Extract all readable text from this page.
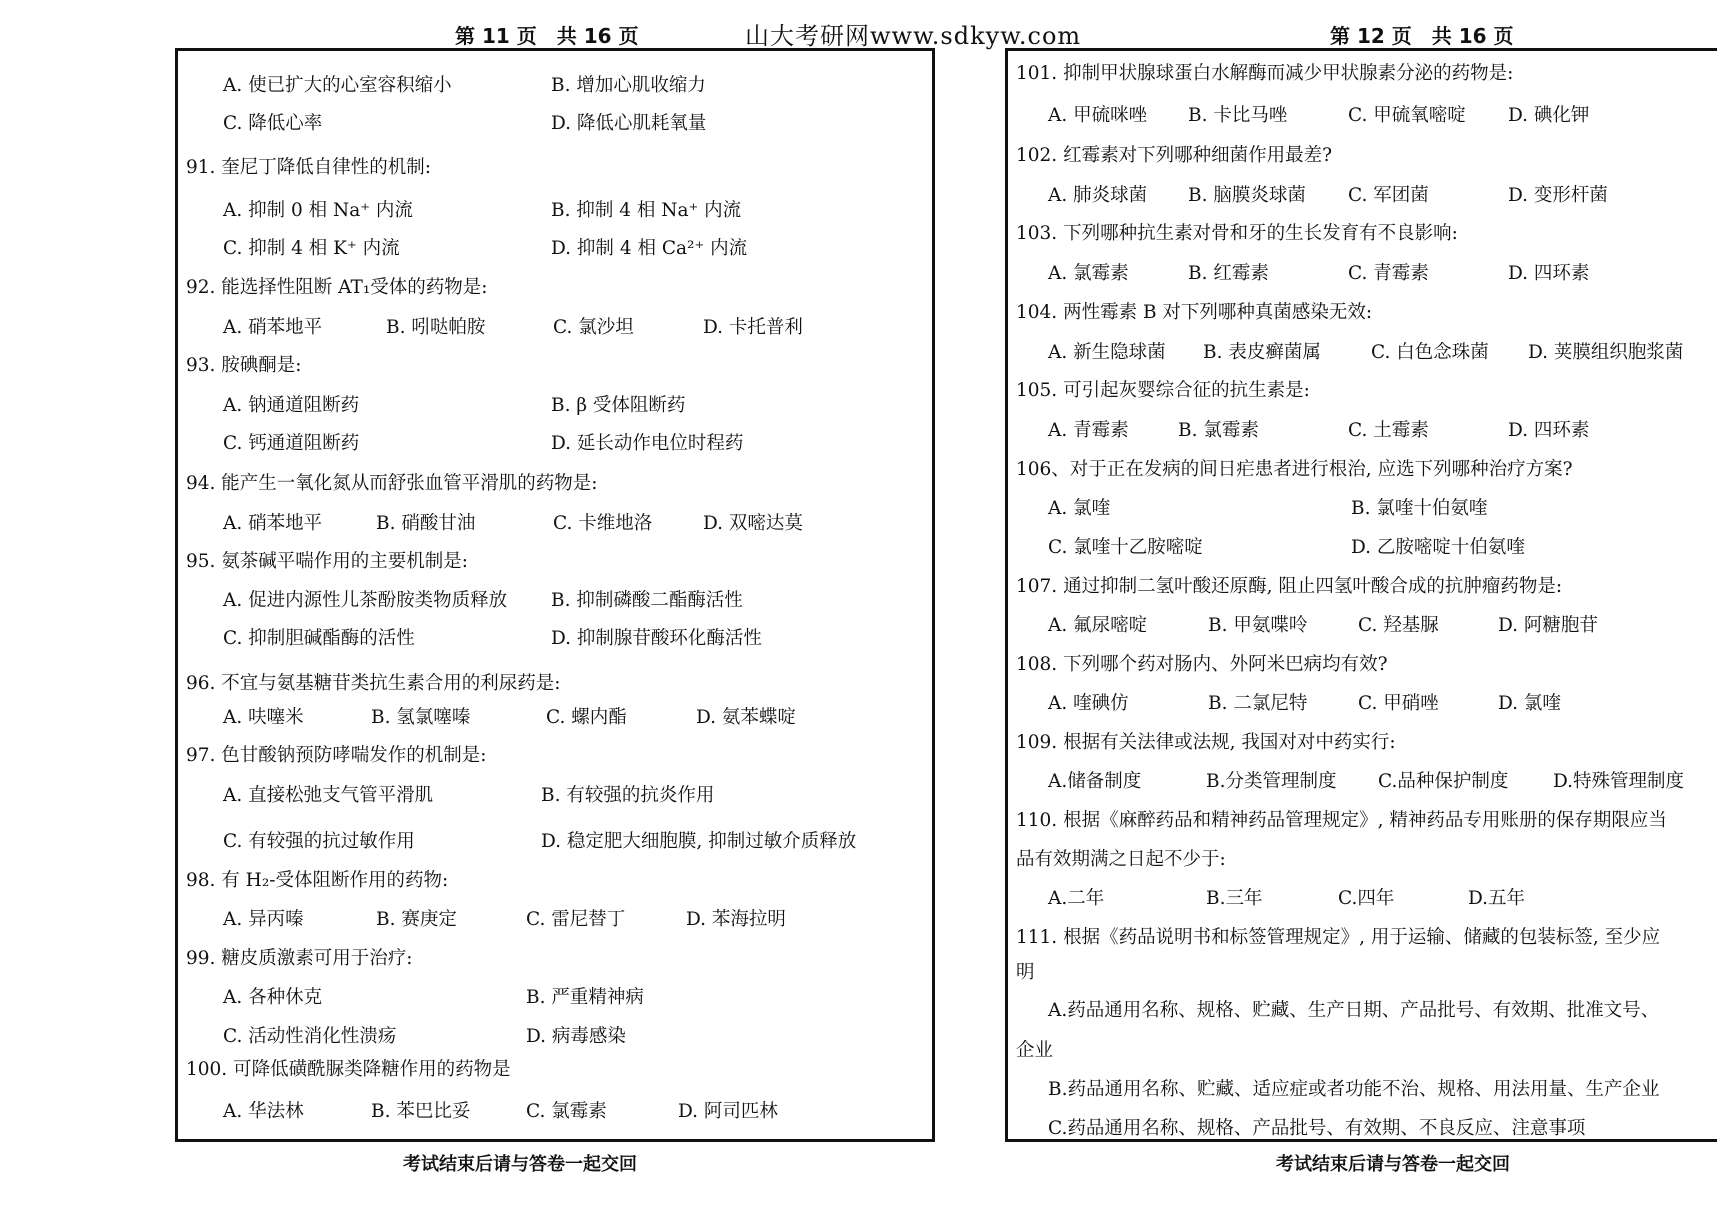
第 11 页　共 16 页	山大考研网www.sdkyw.com	第 12 页　共 16 页
A. 使已扩大的心室容积缩小	B. 增加心肌收缩力
C. 降低心率	D. 降低心肌耗氧量
91. 奎尼丁降低自律性的机制:
A. 抑制 0 相 Na⁺ 内流	B. 抑制 4 相 Na⁺ 内流
C. 抑制 4 相 K⁺ 内流	D. 抑制 4 相 Ca²⁺ 内流
92. 能选择性阻断 AT₁受体的药物是:
A. 硝苯地平	B. 吲哒帕胺	C. 氯沙坦	D. 卡托普利
93. 胺碘酮是:
A. 钠通道阻断药	B. β 受体阻断药
C. 钙通道阻断药	D. 延长动作电位时程药
94. 能产生一氧化氮从而舒张血管平滑肌的药物是:
A. 硝苯地平	B. 硝酸甘油	C. 卡维地洛	D. 双嘧达莫
95. 氨茶碱平喘作用的主要机制是:
A. 促进内源性儿茶酚胺类物质释放 B. 抑制磷酸二酯酶活性
C. 抑制胆碱酯酶的活性	D. 抑制腺苷酸环化酶活性
96. 不宜与氨基糖苷类抗生素合用的利尿药是:
A. 呋噻米	B. 氢氯噻嗪	C. 螺内酯	D. 氨苯蝶啶
97. 色甘酸钠预防哮喘发作的机制是:
A. 直接松弛支气管平滑肌	B. 有较强的抗炎作用
C. 有较强的抗过敏作用	D. 稳定肥大细胞膜, 抑制过敏介质释放
98. 有 H₂-受体阻断作用的药物:
A. 异丙嗪	B. 赛庚定	C. 雷尼替丁	D. 苯海拉明
99. 糖皮质激素可用于治疗:
A. 各种休克	B. 严重精神病
C. 活动性消化性溃疡	D. 病毒感染
100. 可降低磺酰脲类降糖作用的药物是
A. 华法林	B. 苯巴比妥	C. 氯霉素	D. 阿司匹林
101. 抑制甲状腺球蛋白水解酶而减少甲状腺素分泌的药物是:
A. 甲硫咪唑 B. 卡比马唑	C. 甲硫氧嘧啶 D. 碘化钾
102. 红霉素对下列哪种细菌作用最差?
A. 肺炎球菌 B. 脑膜炎球菌 C. 军团菌	D. 变形杆菌
103. 下列哪种抗生素对骨和牙的生长发育有不良影响:
A. 氯霉素	B. 红霉素	C. 青霉素	D. 四环素
104. 两性霉素 B 对下列哪种真菌感染无效:
A. 新生隐球菌 B. 表皮癣菌属	C. 白色念珠菌 D. 荚膜组织胞浆菌
105. 可引起灰婴综合征的抗生素是:
A. 青霉素	B. 氯霉素	C. 土霉素	D. 四环素
106、对于正在发病的间日疟患者进行根治, 应选下列哪种治疗方案?
A. 氯喹	B. 氯喹十伯氨喹
C. 氯喹十乙胺嘧啶	D. 乙胺嘧啶十伯氨喹
107. 通过抑制二氢叶酸还原酶, 阻止四氢叶酸合成的抗肿瘤药物是:
A. 氟尿嘧啶	B. 甲氨喋呤	C. 羟基脲	D. 阿糖胞苷
108. 下列哪个药对肠内、外阿米巴病均有效?
A. 喹碘仿	B. 二氯尼特	C. 甲硝唑	D. 氯喹
109. 根据有关法律或法规, 我国对对中药实行:
A.储备制度	B.分类管理制度 C.品种保护制度 D.特殊管理制度
110. 根据《麻醉药品和精神药品管理规定》, 精神药品专用账册的保存期限应当
品有效期满之日起不少于:
A.二年	B.三年	C.四年	D.五年
111. 根据《药品说明书和标签管理规定》, 用于运输、储藏的包装标签, 至少应
明
A.药品通用名称、规格、贮藏、生产日期、产品批号、有效期、批准文号、
企业
B.药品通用名称、贮藏、适应症或者功能不治、规格、用法用量、生产企业
C.药品通用名称、规格、产品批号、有效期、不良反应、注意事项
考试结束后请与答卷一起交回	考试结束后请与答卷一起交回
